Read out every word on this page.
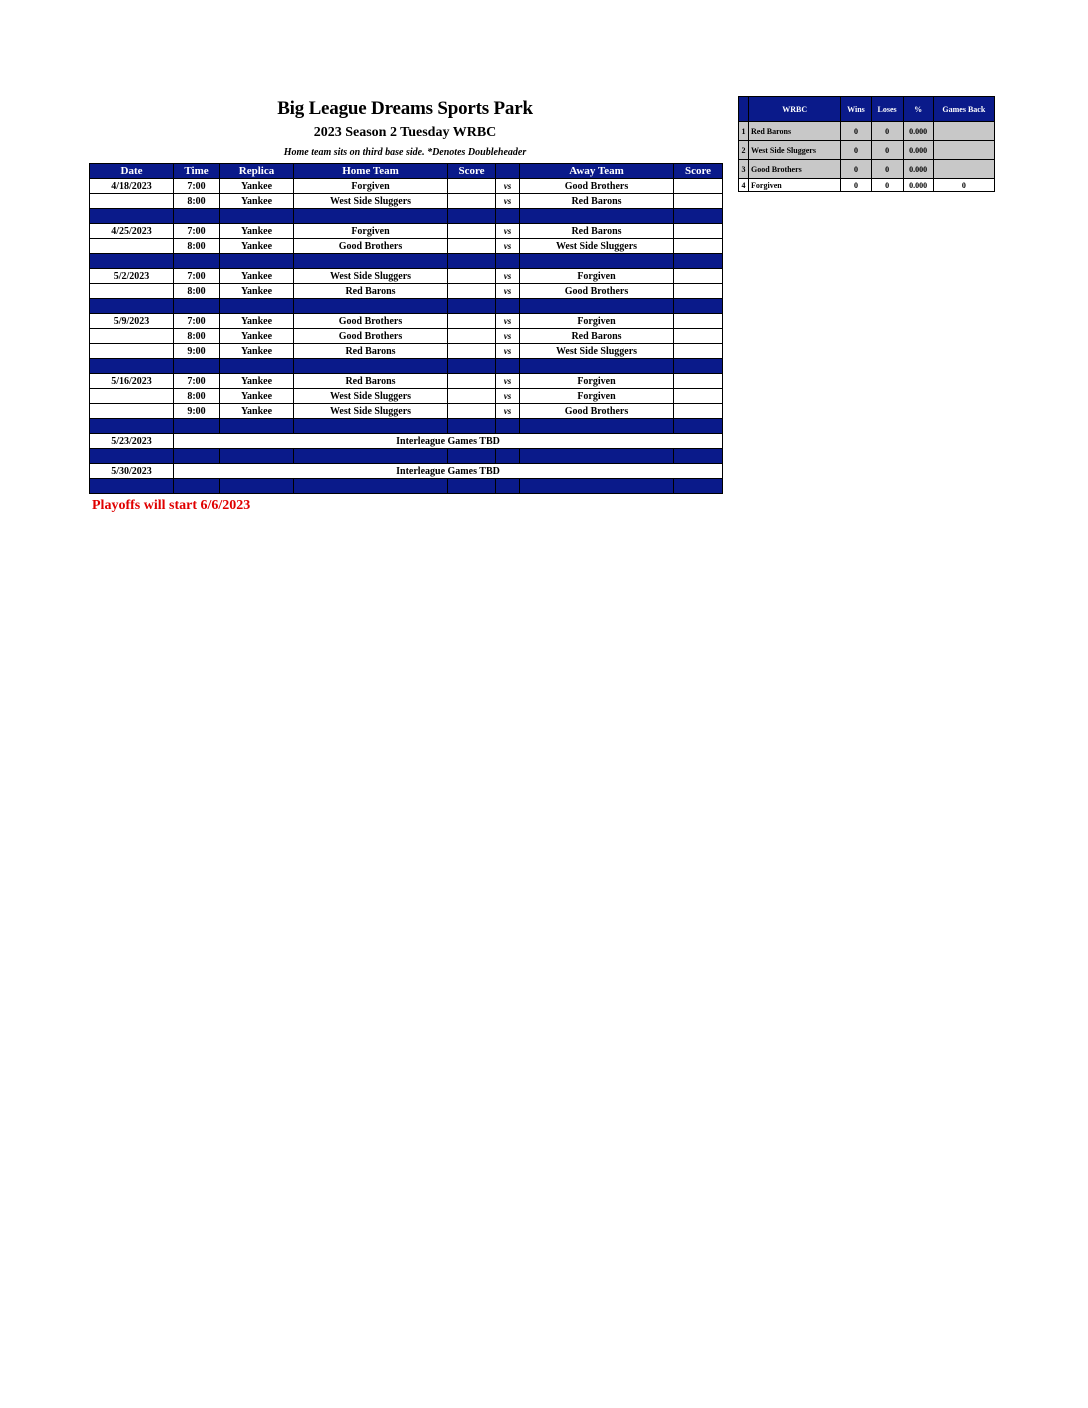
Big League Dreams Sports Park
2023 Season 2 Tuesday WRBC
Home team sits on third base side. *Denotes Doubleheader
Date	Time	Replica	Home Team	Score		Away Team	Score
4/18/2023	7:00	Yankee	Forgiven		vs	Good Brothers	
	8:00	Yankee	West Side Sluggers		vs	Red Barons	

4/25/2023	7:00	Yankee	Forgiven		vs	Red Barons	
	8:00	Yankee	Good Brothers		vs	West Side Sluggers	

5/2/2023	7:00	Yankee	West Side Sluggers		vs	Forgiven	
	8:00	Yankee	Red Barons		vs	Good Brothers	

5/9/2023	7:00	Yankee	Good Brothers		vs	Forgiven	
	8:00	Yankee	Good Brothers		vs	Red Barons	
	9:00	Yankee	Red Barons		vs	West Side Sluggers	

5/16/2023	7:00	Yankee	Red Barons		vs	Forgiven	
	8:00	Yankee	West Side Sluggers		vs	Forgiven	
	9:00	Yankee	West Side Sluggers		vs	Good Brothers	

5/23/2023	Interleague Games TBD						

5/30/2023	Interleague Games TBD						

Playoffs will start 6/6/2023
	WRBC	Wins	Loses	%	Games Back
1	Red Barons	0	0	0.000	
2	West Side Sluggers	0	0	0.000	
3	Good Brothers	0	0	0.000	
4	Forgiven	0	0	0.000	0
